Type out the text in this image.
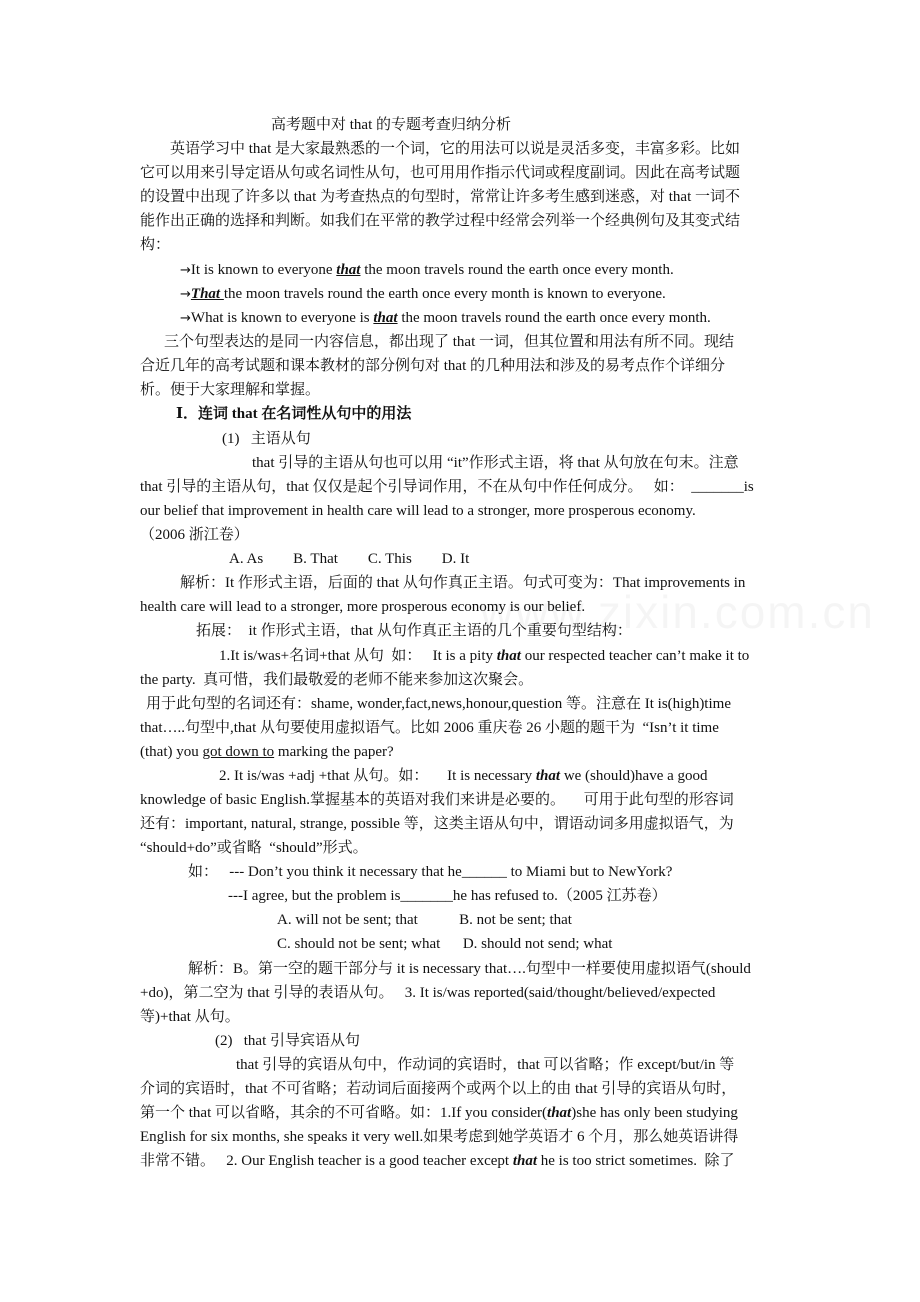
高考题中对 that 的专题考查归纳分析
英语学习中 that 是大家最熟悉的一个词，它的用法可以说是灵活多变，丰富多彩。比如
它可以用来引导定语从句或名词性从句，也可用用作指示代词或程度副词。因此在高考试题
的设置中出现了许多以 that 为考查热点的句型时，常常让许多考生感到迷惑，对 that 一词不
能作出正确的选择和判断。如我们在平常的教学过程中经常会列举一个经典例句及其变式结
构：
→It is known to everyone that the moon travels round the earth once every month.
→That the moon travels round the earth once every month is known to everyone.
→What is known to everyone is that the moon travels round the earth once every month.
三个句型表达的是同一内容信息，都出现了 that 一词，但其位置和用法有所不同。现结
合近几年的高考试题和课本教材的部分例句对 that 的几种用法和涉及的易考点作个详细分
析。便于大家理解和掌握。
Ⅰ．连词 that 在名词性从句中的用法
(1)   主语从句
that 引导的主语从句也可以用 “it”作形式主语，将 that 从句放在句末。注意
that 引导的主语从句，that 仅仅是起个引导词作用，不在从句中作任何成分。   如：  _______is
our belief that improvement in health care will lead to a stronger, more prosperous economy.
（2006 浙江卷）
A. As        B. That        C. This        D. It
解析：It 作形式主语，后面的 that 从句作真正主语。句式可变为：That improvements in
health care will lead to a stronger, more prosperous economy is our belief.
拓展：  it 作形式主语，that 从句作真正主语的几个重要句型结构：
1.It is/was+名词+that 从句  如：   It is a pity that our respected teacher can’t make it to
the party.  真可惜，我们最敬爱的老师不能来参加这次聚会。
用于此句型的名词还有：shame, wonder,fact,news,honour,question 等。注意在 It is(high)time
that…..句型中,that 从句要使用虚拟语气。比如 2006 重庆卷 26 小题的题干为  “Isn’t it time
(that) you got down to marking the paper?
2. It is/was +adj +that 从句。如：     It is necessary that we (should)have a good
knowledge of basic English.掌握基本的英语对我们来讲是必要的。     可用于此句型的形容词
还有：important, natural, strange, possible 等，这类主语从句中，谓语动词多用虚拟语气，为
“should+do”或省略  “should”形式。
如：   --- Don’t you think it necessary that he______ to Miami but to NewYork?
---I agree, but the problem is_______he has refused to.（2005 江苏卷）
A. will not be sent; that           B. not be sent; that
C. should not be sent; what      D. should not send; what
解析：B。第一空的题干部分与 it is necessary that….句型中一样要使用虚拟语气(should
+do)，第二空为 that 引导的表语从句。   3. It is/was reported(said/thought/believed/expected
等)+that 从句。
(2)   that 引导宾语从句
that 引导的宾语从句中，作动词的宾语时，that 可以省略；作 except/but/in 等
介词的宾语时，that 不可省略；若动词后面接两个或两个以上的由 that 引导的宾语从句时，
第一个 that 可以省略，其余的不可省略。如：1.If you consider(that)she has only been studying
English for six months, she speaks it very well.如果考虑到她学英语才 6 个月，那么她英语讲得
非常不错。   2. Our English teacher is a good teacher except that he is too strict sometimes.  除了
